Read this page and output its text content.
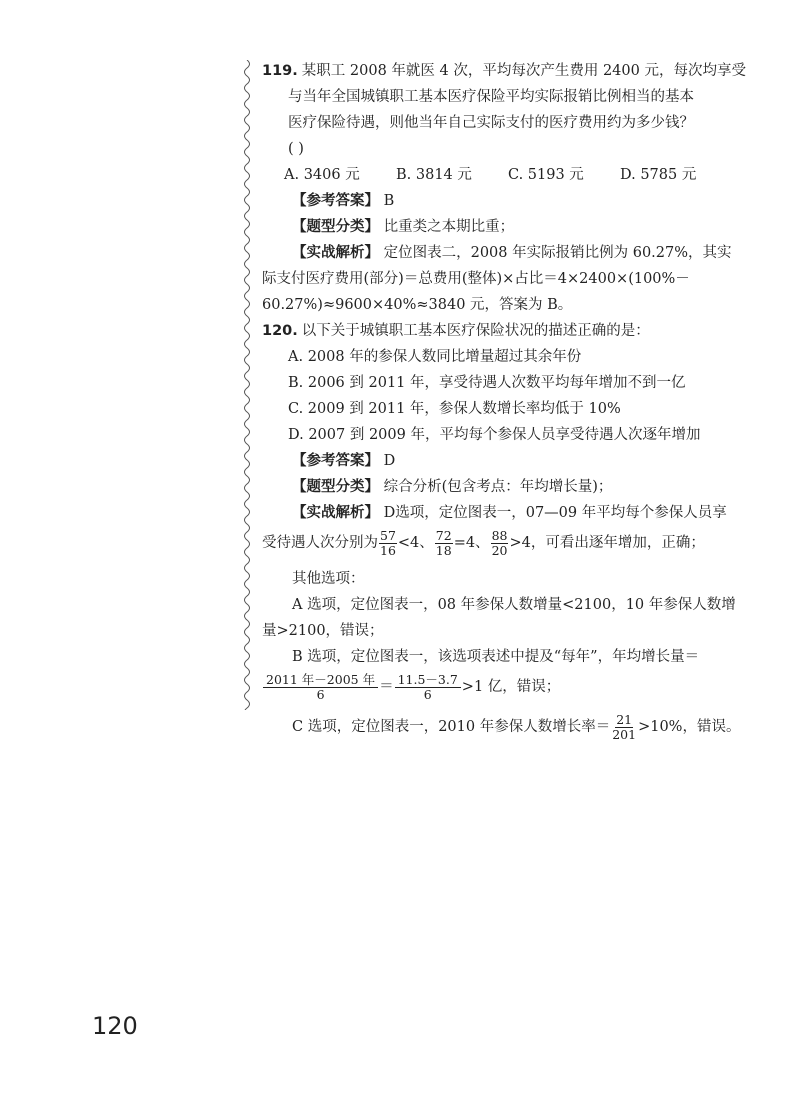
119. 某职工 2008 年就医 4 次，平均每次产生费用 2400 元，每次均享受
与当年全国城镇职工基本医疗保险平均实际报销比例相当的基本
医疗保险待遇，则他当年自己实际支付的医疗费用约为多少钱？
( )
A. 3406 元	B. 3814 元	C. 5193 元	D. 5785 元
【参考答案】 B
【题型分类】 比重类之本期比重；
【实战解析】 定位图表二，2008 年实际报销比例为 60.27%，其实
际支付医疗费用(部分)＝总费用(整体)×占比＝4×2400×(100%－
60.27%)≈9600×40%≈3840 元，答案为 B。
120. 以下关于城镇职工基本医疗保险状况的描述正确的是：
A. 2008 年的参保人数同比增量超过其余年份
B. 2006 到 2011 年，享受待遇人次数平均每年增加不到一亿
C. 2009 到 2011 年，参保人数增长率均低于 10%
D. 2007 到 2009 年，平均每个参保人员享受待遇人次逐年增加
【参考答案】 D
【题型分类】 综合分析(包含考点：年均增长量)；
【实战解析】 D选项，定位图表一，07—09 年平均每个参保人员享
受待遇人次分别为 $\frac{57}{16} <4$、 $\frac{72}{18} =4$、 $\frac{88}{20} >4$，可看出逐年增加，正确；
其他选项：
A 选项，定位图表一，08 年参保人数增量<2100，10 年参保人数增
量>2100，错误；
B 选项，定位图表一，该选项表述中提及“每年”，年均增长量＝
$\frac{\text{2011 年－2005 年}}{6} = \frac{11.5-3.7}{6} >1$ 亿，错误；
C 选项，定位图表一，2010 年参保人数增长率＝ $\frac{21}{201} >10\%$，错误。
120
